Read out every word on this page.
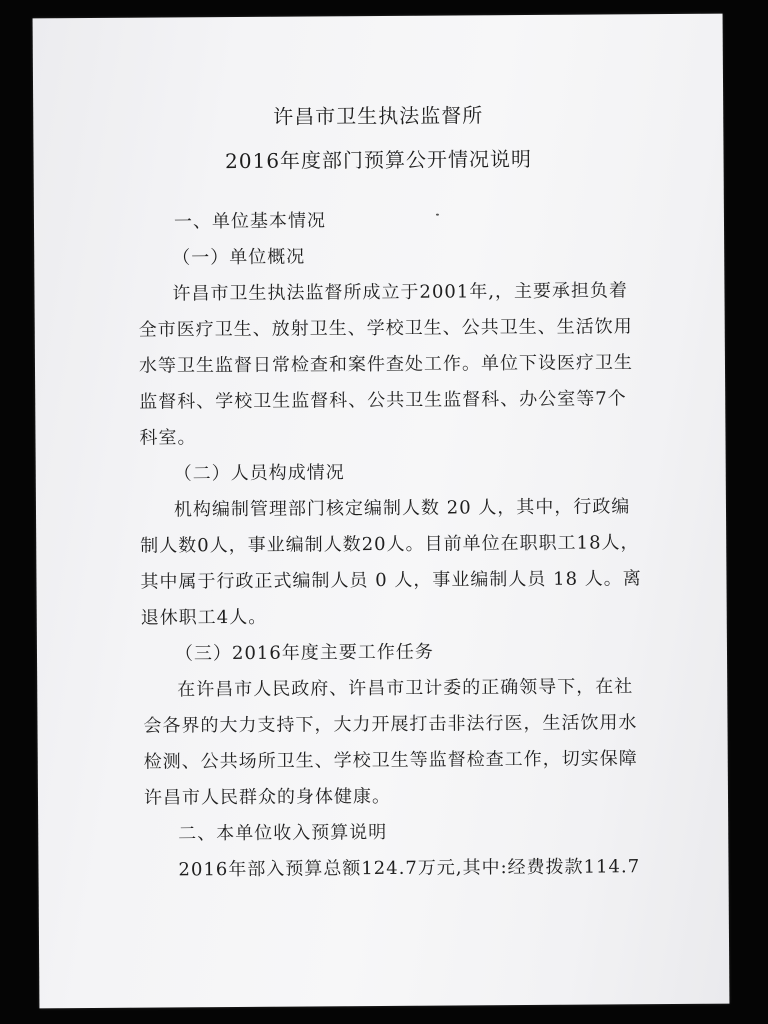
许昌市卫生执法监督所
2016年度部门预算公开情况说明
一、单位基本情况
（一）单位概况
许昌市卫生执法监督所成立于2001年,，主要承担负着
全市医疗卫生、放射卫生、学校卫生、公共卫生、生活饮用
水等卫生监督日常检查和案件查处工作。单位下设医疗卫生
监督科、学校卫生监督科、公共卫生监督科、办公室等7个
科室。
（二）人员构成情况
机构编制管理部门核定编制人数 20 人，其中，行政编
制人数0人，事业编制人数20人。目前单位在职职工18人，
其中属于行政正式编制人员 0 人，事业编制人员 18 人。离
退休职工4人。
（三）2016年度主要工作任务
在许昌市人民政府、许昌市卫计委的正确领导下，在社
会各界的大力支持下，大力开展打击非法行医，生活饮用水
检测、公共场所卫生、学校卫生等监督检查工作，切实保障
许昌市人民群众的身体健康。
二、本单位收入预算说明
2016年部入预算总额124.7万元,其中:经费拨款114.7
